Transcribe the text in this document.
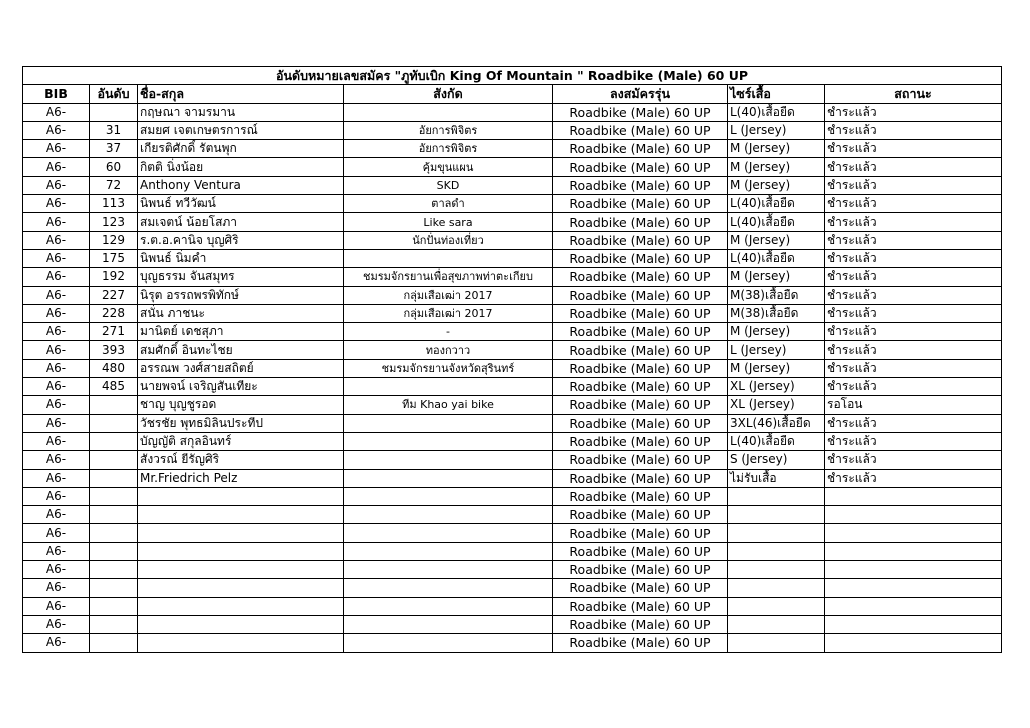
อันดับหมายเลขสมัคร "ภูทับเบิก King Of Mountain " Roadbike (Male) 60 UP						
BIB	อันดับ	ชื่อ-สกุล	สังกัด	ลงสมัครรุ่น	ไซร์เสื้อ	สถานะ
A6-		กฤษณา จามรมาน		Roadbike (Male) 60 UP	L(40)เสื้อยืด	ชำระแล้ว
A6-	31	สมยศ เจตเกษตรการณ์	อัยการพิจิตร	Roadbike (Male) 60 UP	L (Jersey)	ชำระแล้ว
A6-	37	เกียรติศักดิ์ รัตนพุก	อัยการพิจิตร	Roadbike (Male) 60 UP	M (Jersey)	ชำระแล้ว
A6-	60	กิตติ นิ่งน้อย	คุ้มขุนแผน	Roadbike (Male) 60 UP	M (Jersey)	ชำระแล้ว
A6-	72	Anthony Ventura	SKD	Roadbike (Male) 60 UP	M (Jersey)	ชำระแล้ว
A6-	113	นิพนธ์ ทวีวัฒน์	ตาลดำ	Roadbike (Male) 60 UP	L(40)เสื้อยืด	ชำระแล้ว
A6-	123	สมเจตน์ น้อยโสภา	Like sara	Roadbike (Male) 60 UP	L(40)เสื้อยืด	ชำระแล้ว
A6-	129	ร.ต.อ.คานิจ บุญศิริ	นักปั่นท่องเที่ยว	Roadbike (Male) 60 UP	M (Jersey)	ชำระแล้ว
A6-	175	นิพนธ์ นิ่มคำ		Roadbike (Male) 60 UP	L(40)เสื้อยืด	ชำระแล้ว
A6-	192	บุญธรรม จันสมุทร	ชมรมจักรยานเพื่อสุขภาพท่าตะเกียบ	Roadbike (Male) 60 UP	M (Jersey)	ชำระแล้ว
A6-	227	นิรุต อรรถพรพิทักษ์	กลุ่มเสือเฒ่า 2017	Roadbike (Male) 60 UP	M(38)เสื้อยืด	ชำระแล้ว
A6-	228	สนั่น ภาชนะ	กลุ่มเสือเฒ่า 2017	Roadbike (Male) 60 UP	M(38)เสื้อยืด	ชำระแล้ว
A6-	271	มานิตย์ เดชสุภา	-	Roadbike (Male) 60 UP	M (Jersey)	ชำระแล้ว
A6-	393	สมศักดิ์ อินทะไชย	ทองกวาว	Roadbike (Male) 60 UP	L (Jersey)	ชำระแล้ว
A6-	480	อรรณพ วงศ์สายสถิตย์	ชมรมจักรยานจังหวัดสุรินทร์	Roadbike (Male) 60 UP	M (Jersey)	ชำระแล้ว
A6-	485	นายพจน์ เจริญสันเทียะ		Roadbike (Male) 60 UP	XL (Jersey)	ชำระแล้ว
A6-		ชาญ บุญชูรอด	ทีม Khao yai bike	Roadbike (Male) 60 UP	XL (Jersey)	รอโอน
A6-		วัชรชัย พุทธมิลินประทีป		Roadbike (Male) 60 UP	3XL(46)เสื้อยืด	ชำระแล้ว
A6-		บัญญัติ สกุลอินทร์		Roadbike (Male) 60 UP	L(40)เสื้อยืด	ชำระแล้ว
A6-		สังวรณ์ ยีรัญศิริ		Roadbike (Male) 60 UP	S (Jersey)	ชำระแล้ว
A6-		Mr.Friedrich Pelz		Roadbike (Male) 60 UP	ไม่รับเสื้อ	ชำระแล้ว
A6-				Roadbike (Male) 60 UP		
A6-				Roadbike (Male) 60 UP		
A6-				Roadbike (Male) 60 UP		
A6-				Roadbike (Male) 60 UP		
A6-				Roadbike (Male) 60 UP		
A6-				Roadbike (Male) 60 UP		
A6-				Roadbike (Male) 60 UP		
A6-				Roadbike (Male) 60 UP		
A6-				Roadbike (Male) 60 UP		
